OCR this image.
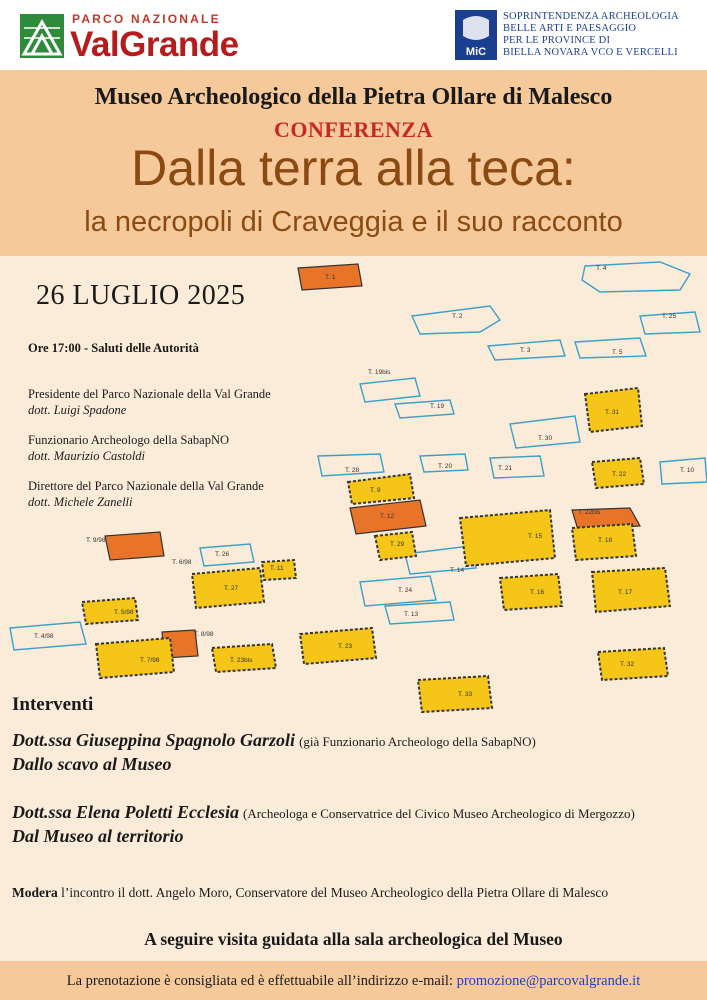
PARCO NAZIONALE
ValGrande	MiC
SOPRINTENDENZA ARCHEOLOGIA
BELLE ARTI E PAESAGGIO
PER LE PROVINCE DI
BIELLA NOVARA VCO E VERCELLI
Museo Archeologico della Pietra Ollare di Malesco
CONFERENZA
Dalla terra alla teca:
la necropoli di Craveggia e il suo racconto
T. 1
T. 4
T. 2	T. 25
T. 3	T. 5
T. 19bis
T. 19
T. 31
T. 30
T. 28
T. 20	T. 21
T. 22
T. 10
T. 9
T. 12
T. 22bis
T. 29
T. 15
T. 18
T. 9/98
T. 6/98
T. 26
T. 11	T. 14
T. 27	T. 24	T. 16	T. 17
T. 5/98	T. 13
T. 4/98	T. 8/98
T. 7/98	T. 23bis
T. 23
T. 32
T. 33
26 LUGLIO 2025
Ore 17:00 - Saluti delle Autorità
Presidente del Parco Nazionale della Val Grande
dott. Luigi Spadone
Funzionario Archeologo della SabapNO
dott. Maurizio Castoldi
Direttore del Parco Nazionale della Val Grande
dott. Michele Zanelli
Interventi
Dott.ssa Giuseppina Spagnolo Garzoli (già Funzionario Archeologo della SabapNO)
Dallo scavo al Museo
Dott.ssa Elena Poletti Ecclesia (Archeologa e Conservatrice del Civico Museo Archeologico di Mergozzo)
Dal Museo al territorio
Modera l’incontro il dott. Angelo Moro, Conservatore del Museo Archeologico della Pietra Ollare di Malesco
A seguire visita guidata alla sala archeologica del Museo
La prenotazione è consigliata ed è effettuabile all’indirizzo e-mail: promozione@parcovalgrande.it
